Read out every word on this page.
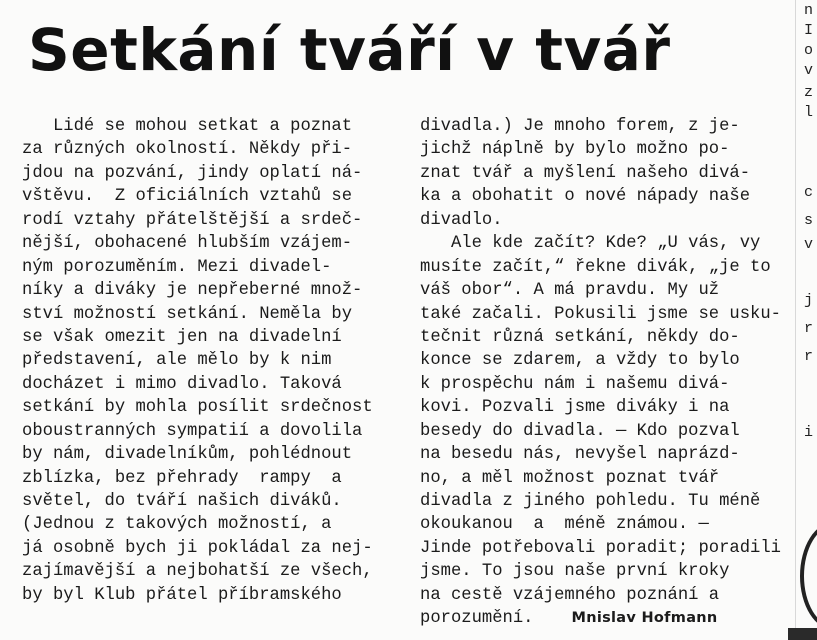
Setkání tváří v tvář
Lidé se mohou setkat a poznat
za různých okolností. Někdy při-
jdou na pozvání, jindy oplatí ná-
vštěvu.  Z oficiálních vztahů se
rodí vztahy přátelštější a srdeč-
nější, obohacené hlubším vzájem-
ným porozuměním. Mezi divadel-
níky a diváky je nepřeberné množ-
ství možností setkání. Neměla by
se však omezit jen na divadelní
představení, ale mělo by k nim
docházet i mimo divadlo. Taková
setkání by mohla posílit srdečnost
oboustranných sympatií a dovolila
by nám, divadelníkům, pohlédnout
zblízka, bez přehrady  rampy  a
světel, do tváří našich diváků.
(Jednou z takových možností, a
já osobně bych ji pokládal za nej-
zajímavější a nejbohatší ze všech,
by byl Klub přátel příbramského
divadla.) Je mnoho forem, z je-
jichž náplně by bylo možno po-
znat tvář a myšlení našeho divá-
ka a obohatit o nové nápady naše
divadlo.
Ale kde začít? Kde? „U vás, vy
musíte začít,“ řekne divák, „je to
váš obor“. A má pravdu. My už
také začali. Pokusili jsme se usku-
tečnit různá setkání, někdy do-
konce se zdarem, a vždy to bylo
k prospěchu nám i našemu divá-
kovi. Pozvali jsme diváky i na
besedy do divadla. — Kdo pozval
na besedu nás, nevyšel naprázd-
no, a měl možnost poznat tvář
divadla z jiného pohledu. Tu méně
okoukanou  a  méně známou. —
Jinde potřebovali poradit; poradili
jsme. To jsou naše první kroky
na cestě vzájemného poznání a
porozumění.	Mnislav Hofmann
n
I
o
v
z
l
c
s
v
j
r
r
i
